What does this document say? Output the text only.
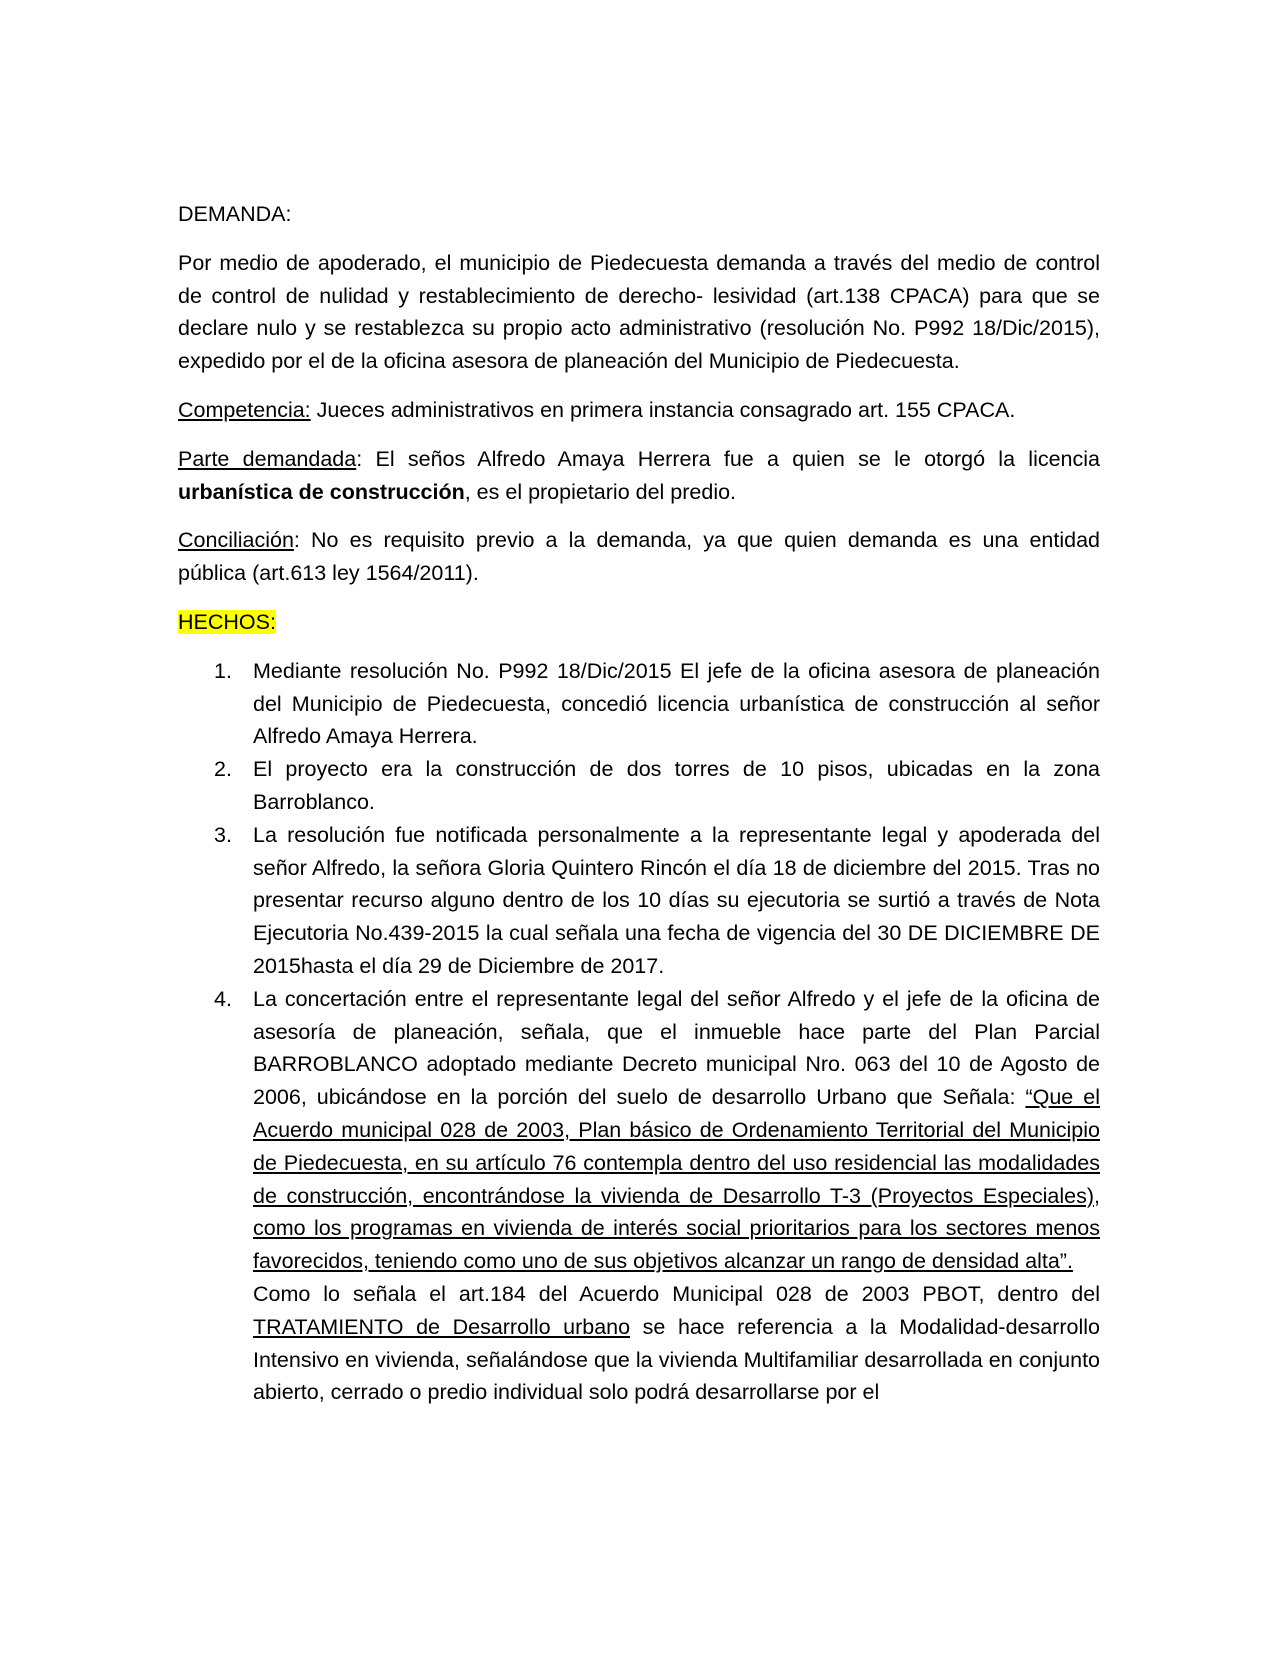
DEMANDA:

Por medio de apoderado, el municipio de Piedecuesta demanda a través del medio de control de control de nulidad y restablecimiento de derecho- lesividad (art.138 CPACA) para que se declare nulo y se restablezca su propio acto administrativo (resolución No. P992 18/Dic/2015), expedido por el de la oficina asesora de planeación del Municipio de Piedecuesta.

Competencia: Jueces administrativos en primera instancia consagrado art. 155 CPACA.

Parte demandada: El seños Alfredo Amaya Herrera fue a quien se le otorgó la licencia urbanística de construcción, es el propietario del predio.

Conciliación: No es requisito previo a la demanda, ya que quien demanda es una entidad pública (art.613 ley 1564/2011).

HECHOS:

1. Mediante resolución No. P992 18/Dic/2015 El jefe de la oficina asesora de planeación del Municipio de Piedecuesta, concedió licencia urbanística de construcción al señor Alfredo Amaya Herrera.
2. El proyecto era la construcción de dos torres de 10 pisos, ubicadas en la zona Barroblanco.
3. La resolución fue notificada personalmente a la representante legal y apoderada del señor Alfredo, la señora Gloria Quintero Rincón el día 18 de diciembre del 2015. Tras no presentar recurso alguno dentro de los 10 días su ejecutoria se surtió a través de Nota Ejecutoria No.439-2015 la cual señala una fecha de vigencia del 30 DE DICIEMBRE DE 2015hasta el día 29 de Diciembre de 2017.
4. La concertación entre el representante legal del señor Alfredo y el jefe de la oficina de asesoría de planeación, señala, que el inmueble hace parte del Plan Parcial BARROBLANCO adoptado mediante Decreto municipal Nro. 063 del 10 de Agosto de 2006, ubicándose en la porción del suelo de desarrollo Urbano que Señala: “Que el Acuerdo municipal 028 de 2003, Plan básico de Ordenamiento Territorial del Municipio de Piedecuesta, en su artículo 76 contempla dentro del uso residencial las modalidades de construcción, encontrándose la vivienda de Desarrollo T-3 (Proyectos Especiales), como los programas en vivienda de interés social prioritarios para los sectores menos favorecidos, teniendo como uno de sus objetivos alcanzar un rango de densidad alta”.
Como lo señala el art.184 del Acuerdo Municipal 028 de 2003 PBOT, dentro del TRATAMIENTO de Desarrollo urbano se hace referencia a la Modalidad-desarrollo Intensivo en vivienda, señalándose que la vivienda Multifamiliar desarrollada en conjunto abierto, cerrado o predio individual solo podrá desarrollarse por el
